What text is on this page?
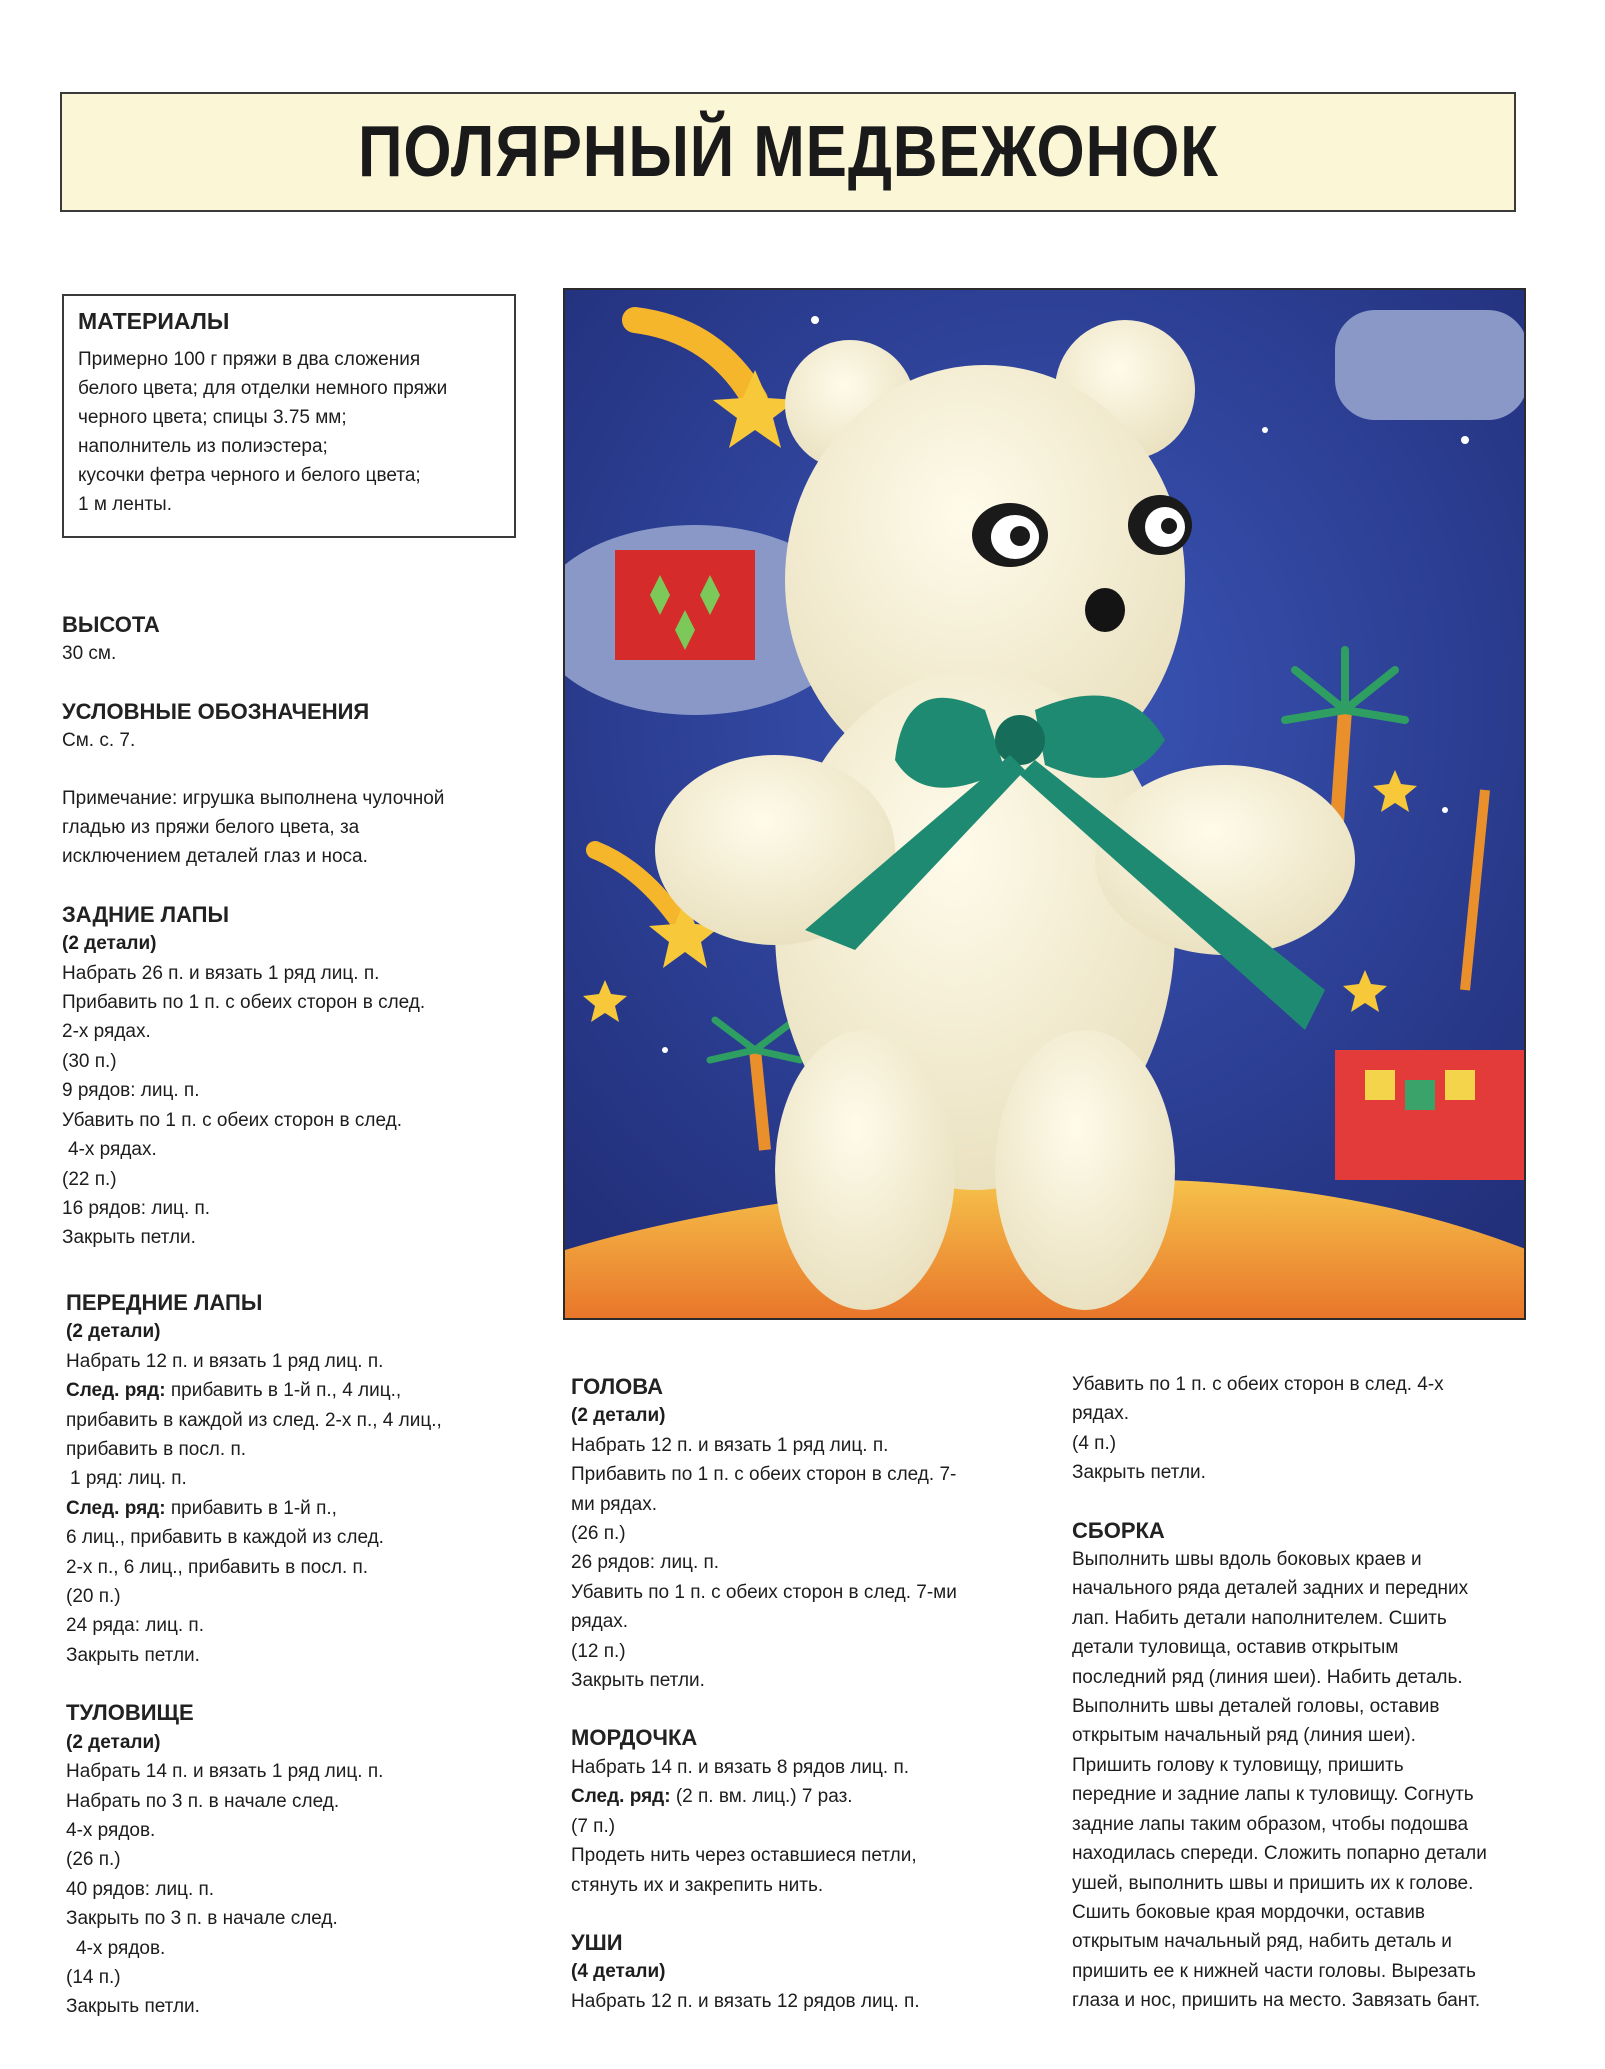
ПОЛЯРНЫЙ МЕДВЕЖОНОК
МАТЕРИАЛЫ

Примерно 100 г пряжи в два сложения

белого цвета; для отделки немного пряжи

черного цвета; спицы 3.75 мм;

наполнитель из полиэстера;

кусочки фетра черного и белого цвета;

1 м ленты.

ВЫСОТА

30 см.

УСЛОВНЫЕ ОБОЗНАЧЕНИЯ

См. с. 7.

Примечание: игрушка выполнена чулочной

гладью из пряжи белого цвета, за

исключением деталей глаз и носа.

ЗАДНИЕ ЛАПЫ

(2 детали)

Набрать 26 п. и вязать 1 ряд лиц. п.

Прибавить по 1 п. с обеих сторон в след.

2-х рядах.

(30 п.)

9 рядов: лиц. п.

Убавить по 1 п. с обеих сторон в след.

4-х рядах.

(22 п.)

16 рядов: лиц. п.

Закрыть петли.

ПЕРЕДНИЕ ЛАПЫ

(2 детали)

Набрать 12 п. и вязать 1 ряд лиц. п.

След. ряд: прибавить в 1-й п., 4 лиц.,

прибавить в каждой из след. 2-х п., 4 лиц.,

прибавить в посл. п.

1 ряд: лиц. п.

След. ряд: прибавить в 1-й п.,

6 лиц., прибавить в каждой из след.

2-х п., 6 лиц., прибавить в посл. п.

(20 п.)

24 ряда: лиц. п.

Закрыть петли.

ТУЛОВИЩЕ

(2 детали)

Набрать 14 п. и вязать 1 ряд лиц. п.

Набрать по 3 п. в начале след.

4-х рядов.

(26 п.)

40 рядов: лиц. п.

Закрыть по 3 п. в начале след.

4-х рядов.

(14 п.)

Закрыть петли.

ГОЛОВА

(2 детали)

Набрать 12 п. и вязать 1 ряд лиц. п.

Прибавить по 1 п. с обеих сторон в след. 7-

ми рядах.

(26 п.)

26 рядов: лиц. п.

Убавить по 1 п. с обеих сторон в след. 7-ми

рядах.

(12 п.)

Закрыть петли.

МОРДОЧКА

Набрать 14 п. и вязать 8 рядов лиц. п.

След. ряд: (2 п. вм. лиц.) 7 раз.

(7 п.)

Продеть нить через оставшиеся петли,

стянуть их и закрепить нить.

УШИ

(4 детали)

Набрать 12 п. и вязать 12 рядов лиц. п.

Убавить по 1 п. с обеих сторон в след. 4-х

рядах.

(4 п.)

Закрыть петли.

СБОРКА

Выполнить швы вдоль боковых краев и

начального ряда деталей задних и передних

лап. Набить детали наполнителем. Сшить

детали туловища, оставив открытым

последний ряд (линия шеи). Набить деталь.

Выполнить швы деталей головы, оставив

открытым начальный ряд (линия шеи).

Пришить голову к туловищу, пришить

передние и задние лапы к туловищу. Согнуть

задние лапы таким образом, чтобы подошва

находилась спереди. Сложить попарно детали

ушей, выполнить швы и пришить их к голове.

Сшить боковые края мордочки, оставив

открытым начальный ряд, набить деталь и

пришить ее к нижней части головы. Вырезать

глаза и нос, пришить на место. Завязать бант.
